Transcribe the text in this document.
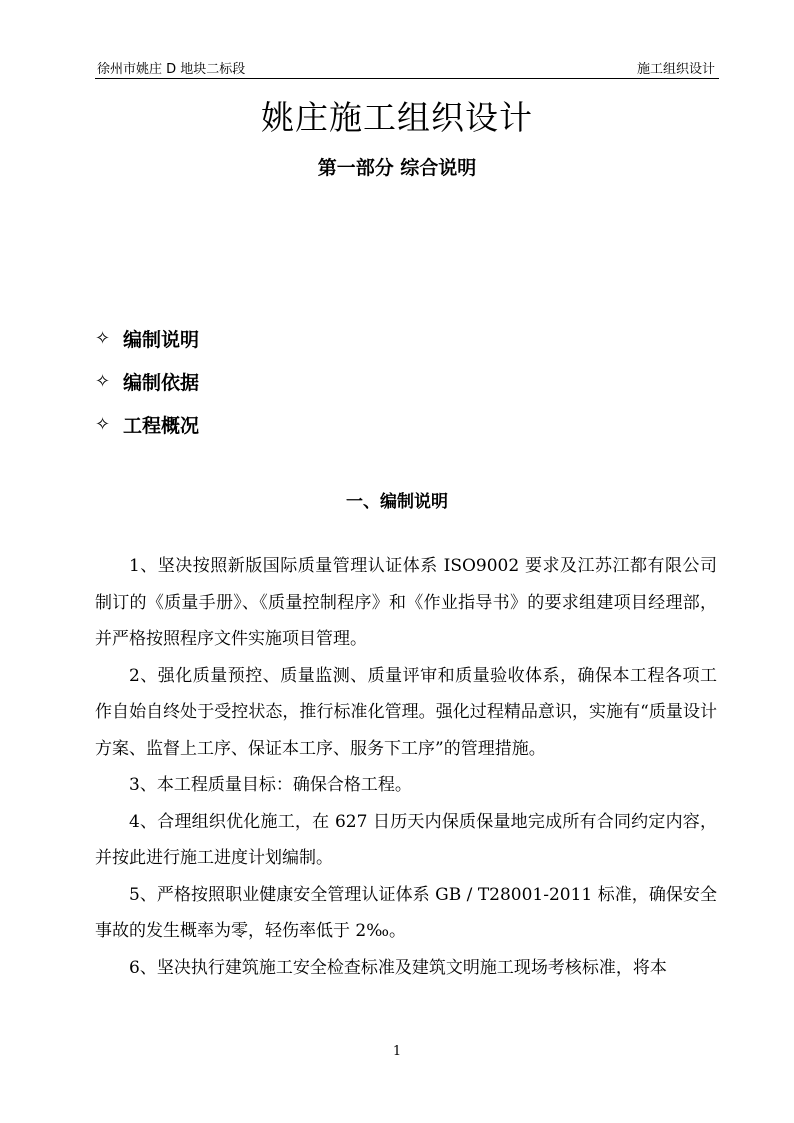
徐州市姚庄 D 地块二标段	施工组织设计
姚庄施工组织设计
第一部分 综合说明
✧ 编制说明
✧ 编制依据
✧ 工程概况
一、编制说明

1、坚决按照新版国际质量管理认证体系 ISO9002 要求及江苏江都有限公司制订的《质量手册》、《质量控制程序》和《作业指导书》的要求组建项目经理部，并严格按照程序文件实施项目管理。

2、强化质量预控、质量监测、质量评审和质量验收体系，确保本工程各项工作自始自终处于受控状态，推行标准化管理。强化过程精品意识，实施有“质量设计方案、监督上工序、保证本工序、服务下工序”的管理措施。

3、本工程质量目标：确保合格工程。

4、合理组织优化施工，在 627 日历天内保质保量地完成所有合同约定内容，并按此进行施工进度计划编制。

5、严格按照职业健康安全管理认证体系 GB / T28001-2011 标准，确保安全事故的发生概率为零，轻伤率低于 2‰。

6、坚决执行建筑施工安全检查标准及建筑文明施工现场考核标准，将本

1
